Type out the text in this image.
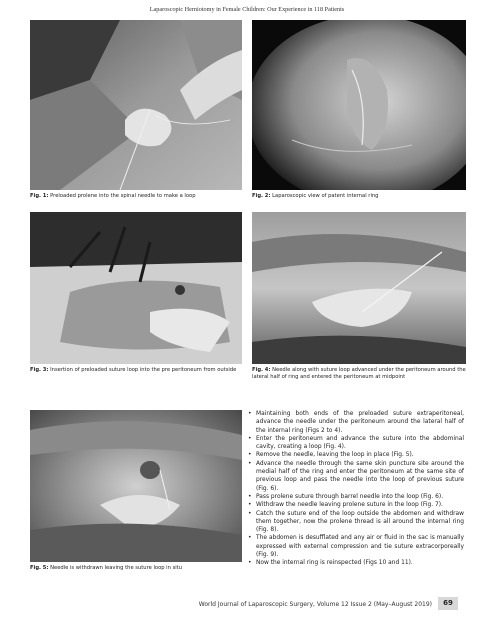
Laparoscopic Herniotomy in Female Children: Our Experience in 118 Patients
Fig. 1: Preloaded prolene into the spinal needle to make a loop	Fig. 2: Laparoscopic view of patent internal ring
Fig. 3: Insertion of preloaded suture loop into the pre peritoneum from outside	Fig. 4: Needle along with suture loop advanced under the peritoneum around the lateral half of ring and entered the peritoneum at midpoint
Fig. 5: Needle is withdrawn leaving the suture loop in situ
• Maintaining both ends of the preloaded suture extraperitoneal, advance the needle under the peritoneum around the lateral half of the internal ring (Figs 2 to 4).
• Enter the peritoneum and advance the suture into the abdominal cavity, creating a loop (Fig. 4).
• Remove the needle, leaving the loop in place (Fig. 5).
• Advance the needle through the same skin puncture site around the medial half of the ring and enter the peritoneum at the same site of previous loop and pass the needle into the loop of previous suture (Fig. 6).
• Pass prolene suture through barrel needle into the loop (Fig. 6).
• Withdraw the needle leaving prolene suture in the loop (Fig. 7).
• Catch the suture end of the loop outside the abdomen and withdraw them together, now the prolene thread is all around the internal ring (Fig. 8).
• The abdomen is desufflated and any air or fluid in the sac is manually expressed with external compression and tie suture extracorporeally (Fig. 9).
• Now the internal ring is reinspected (Figs 10 and 11).
World Journal of Laparoscopic Surgery, Volume 12 Issue 2 (May–August 2019)	69
